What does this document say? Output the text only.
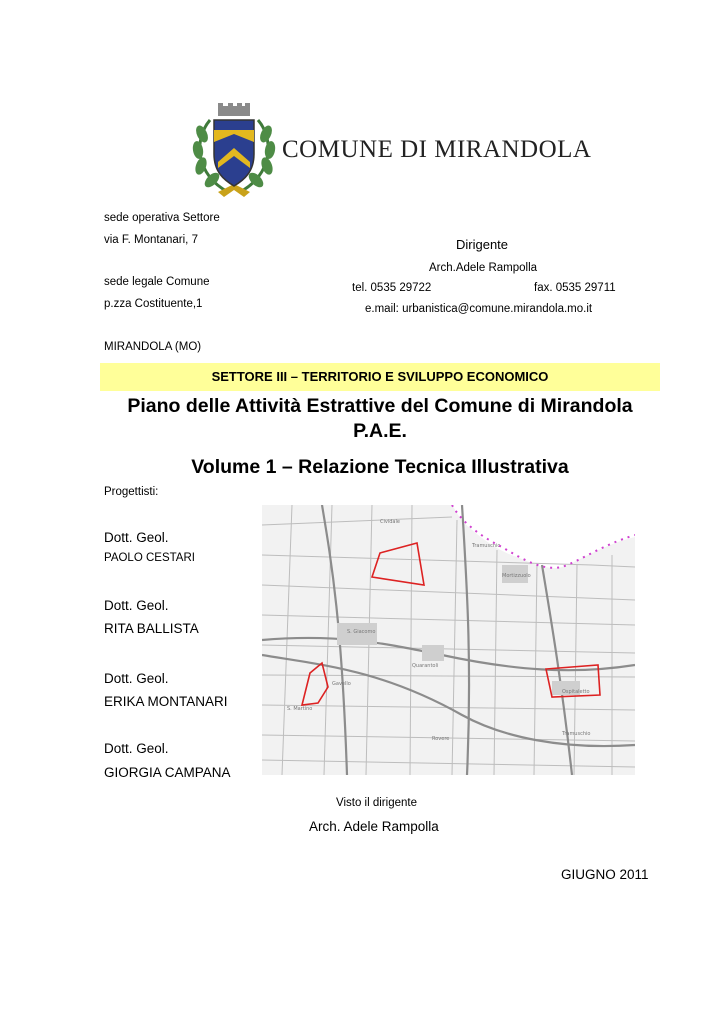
COMUNE DI MIRANDOLA
sede operativa Settore
via F. Montanari, 7
sede legale Comune
p.zza Costituente,1
MIRANDOLA (MO)
Dirigente
Arch.Adele Rampolla
tel. 0535 29722	fax. 0535 29711
e.mail: urbanistica@comune.mirandola.mo.it
SETTORE III – TERRITORIO E SVILUPPO ECONOMICO
Piano delle Attività Estrattive del Comune di Mirandola
P.A.E.
Volume 1 – Relazione Tecnica Illustrativa
Progettisti:
Dott. Geol.
PAOLO CESTARI
Dott. Geol.
RITA BALLISTA
Dott. Geol.
ERIKA MONTANARI
Dott. Geol.
GIORGIA CAMPANA
Cividale
Tramuschio
Mortizzuolo
S. Giacomo
Quarantoli
Gavello
S. Martino
Ospitaletto
Tramuschio
Rovere
Visto il dirigente
Arch. Adele Rampolla
GIUGNO 2011
